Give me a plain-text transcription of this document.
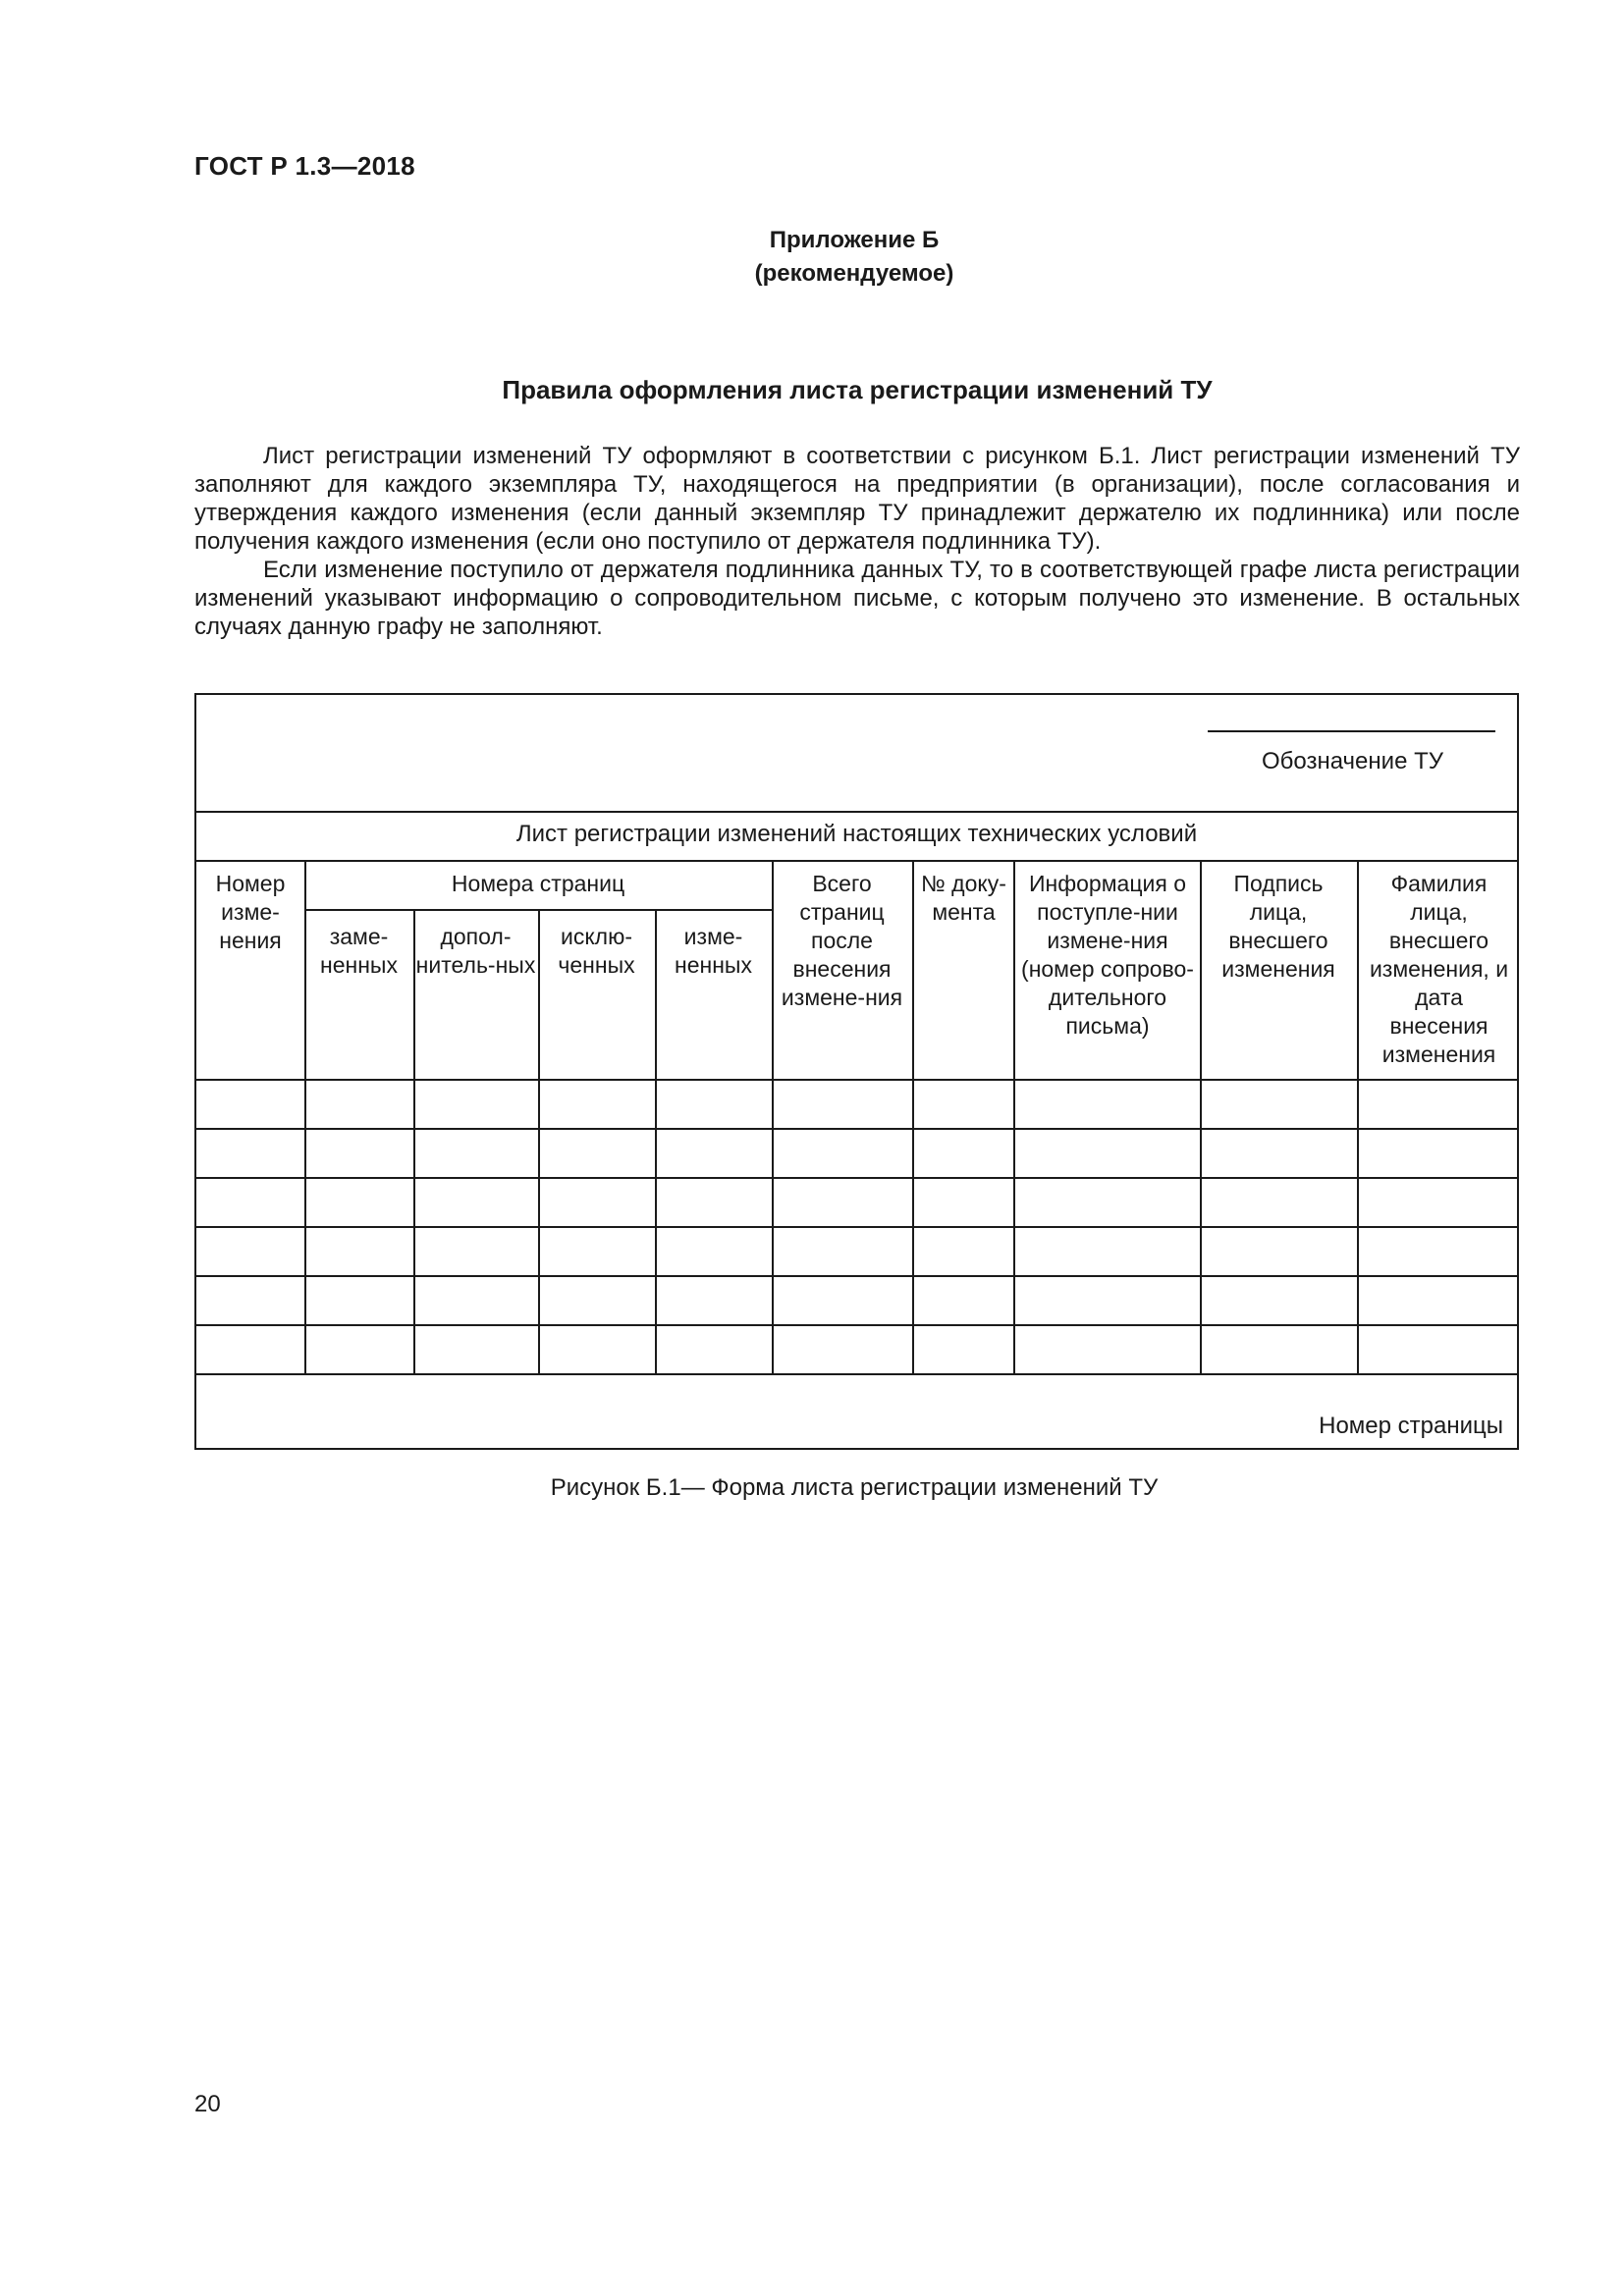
ГОСТ Р 1.3—2018
Приложение Б
(рекомендуемое)
Правила оформления листа регистрации изменений ТУ

Лист регистрации изменений ТУ оформляют в соответствии с рисунком Б.1. Лист регистрации изменений ТУ заполняют для каждого экземпляра ТУ, находящегося на предприятии (в организации), после согласования и утверждения каждого изменения (если данный экземпляр ТУ принадлежит держателю их подлинника) или после получения каждого изменения (если оно поступило от держателя подлинника ТУ).

Если изменение поступило от держателя подлинника данных ТУ, то в соответствующей графе листа регистрации изменений указывают информацию о сопроводительном письме, с которым получено это изменение. В остальных случаях данную графу не заполняют.

Обозначение ТУ
Лист регистрации изменений настоящих технических условий
Номер изме-нения
Номера страниц
заме-ненных
допол-нитель-ных
исклю-ченных
изме-ненных
Всего страниц после внесения измене-ния
№ доку-мента
Информация о поступле-нии измене-ния (номер сопрово-дительного письма)
Подпись лица, внесшего изменения
Фамилия лица, внесшего изменения, и дата внесения изменения
Номер страницы
Рисунок Б.1— Форма листа регистрации изменений ТУ
20
